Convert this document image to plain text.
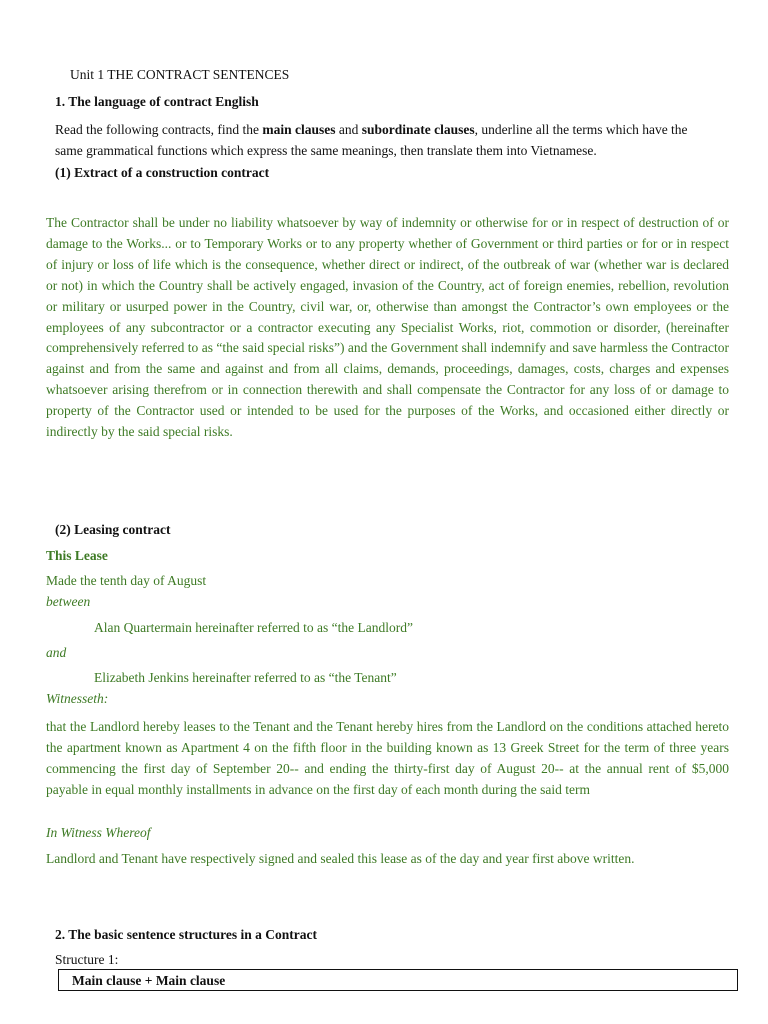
Unit 1 THE CONTRACT SENTENCES
1. The language of contract English
Read the following contracts, find the main clauses and subordinate clauses, underline all the terms which have the same grammatical functions which express the same meanings, then translate them into Vietnamese.
(1) Extract of a construction contract

The Contractor shall be under no liability whatsoever by way of indemnity or otherwise for or in respect of destruction of or damage to the Works... or to Temporary Works or to any property whether of Government or third parties or for or in respect of injury or loss of life which is the consequence, whether direct or indirect, of the outbreak of war (whether war is declared or not) in which the Country shall be actively engaged, invasion of the Country, act of foreign enemies, rebellion, revolution or military or usurped power in the Country, civil war, or, otherwise than amongst the Contractor’s own employees or the employees of any subcontractor or a contractor executing any Specialist Works, riot, commotion or disorder, (hereinafter comprehensively referred to as “the said special risks”) and the Government shall indemnify and save harmless the Contractor against and from the same and against and from all claims, demands, proceedings, damages, costs, charges and expenses whatsoever arising therefrom or in connection therewith and shall compensate the Contractor for any loss of or damage to property of the Contractor used or intended to be used for the purposes of the Works, and occasioned either directly or indirectly by the said special risks.

(2) Leasing contract
This Lease
Made the tenth day of August
between
Alan Quartermain hereinafter referred to as “the Landlord”
and
Elizabeth Jenkins hereinafter referred to as “the Tenant”
Witnesseth:

that the Landlord hereby leases to the Tenant and the Tenant hereby hires from the Landlord on the conditions attached hereto the apartment known as Apartment 4 on the fifth floor in the building known as 13 Greek Street for the term of three years commencing the first day of September 20-- and ending the thirty-first day of August 20-- at the annual rent of $5,000 payable in equal monthly installments in advance on the first day of each month during the said term

In Witness Whereof
Landlord and Tenant have respectively signed and sealed this lease as of the day and year first above written.
2. The basic sentence structures in a Contract
Structure 1:
Main clause + Main clause
